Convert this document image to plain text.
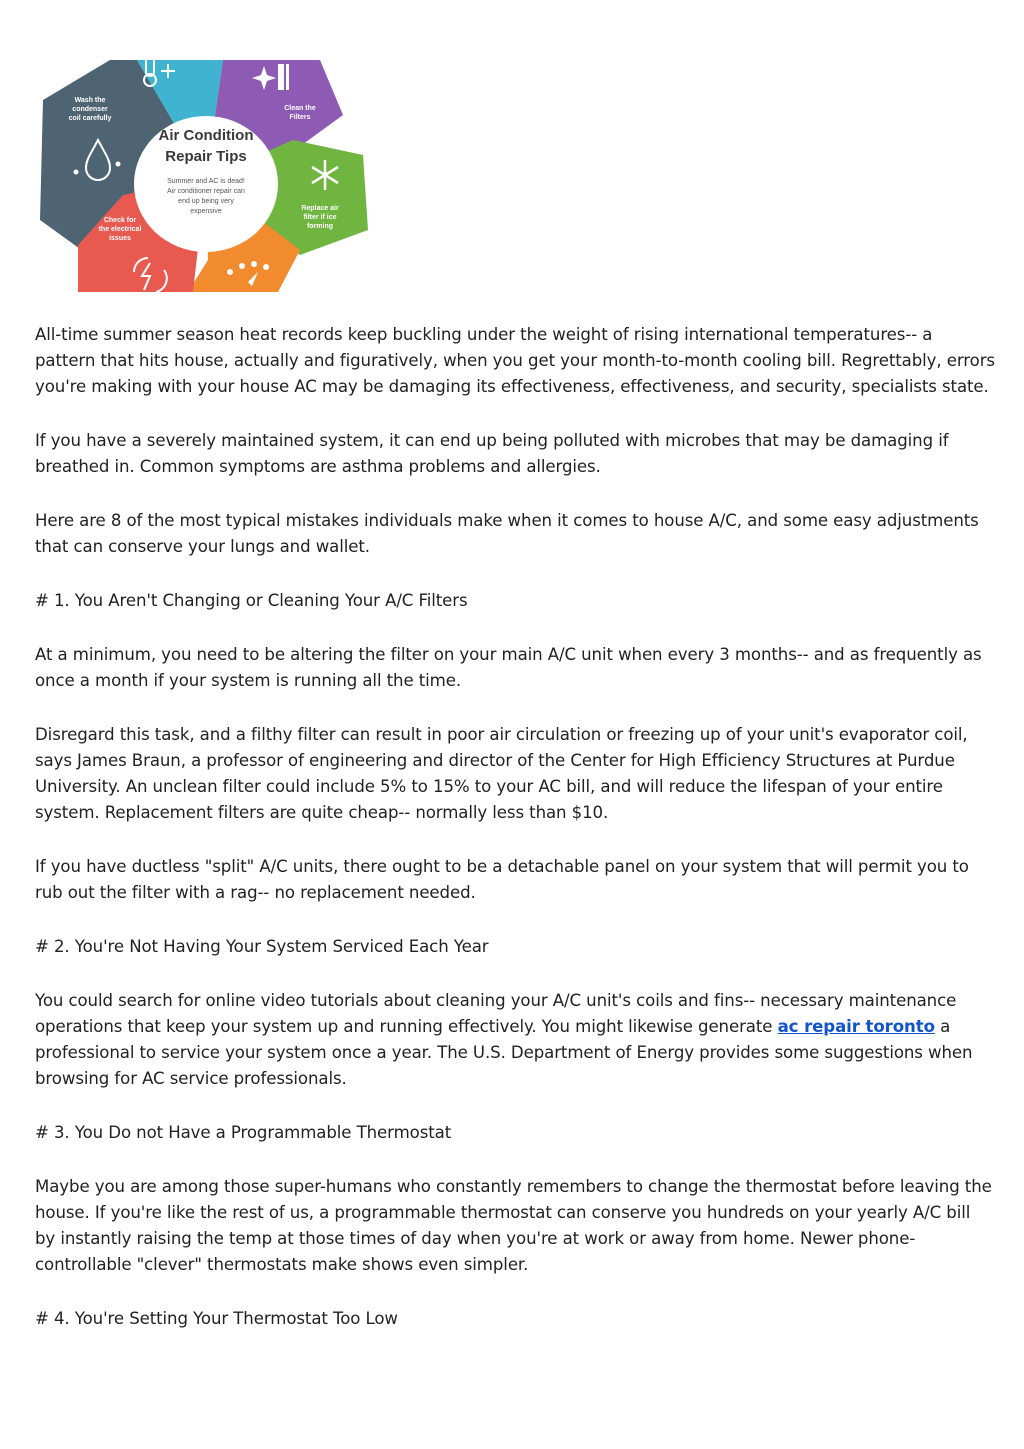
Air Condition
Repair Tips
Summer and AC is dead!
Air conditioner repair can
end up being very
expensive
Wash the
condenser
coil carefully
Clean the
Filters
Replace air
filter if ice
forming
Check for
the electrical
issues

All-time summer season heat records keep buckling under the weight of rising international temperatures-- a pattern that hits house, actually and figuratively, when you get your month-to-month cooling bill. Regrettably, errors you're making with your house AC may be damaging its effectiveness, effectiveness, and security, specialists state.

If you have a severely maintained system, it can end up being polluted with microbes that may be damaging if breathed in. Common symptoms are asthma problems and allergies.

Here are 8 of the most typical mistakes individuals make when it comes to house A/C, and some easy adjustments that can conserve your lungs and wallet.

# 1. You Aren't Changing or Cleaning Your A/C Filters

At a minimum, you need to be altering the filter on your main A/C unit when every 3 months-- and as frequently as once a month if your system is running all the time.

Disregard this task, and a filthy filter can result in poor air circulation or freezing up of your unit's evaporator coil, says James Braun, a professor of engineering and director of the Center for High Efficiency Structures at Purdue University. An unclean filter could include 5% to 15% to your AC bill, and will reduce the lifespan of your entire system. Replacement filters are quite cheap-- normally less than $10.

If you have ductless "split" A/C units, there ought to be a detachable panel on your system that will permit you to rub out the filter with a rag-- no replacement needed.

# 2. You're Not Having Your System Serviced Each Year

You could search for online video tutorials about cleaning your A/C unit's coils and fins-- necessary maintenance operations that keep your system up and running effectively. You might likewise generate ac repair toronto a professional to service your system once a year. The U.S. Department of Energy provides some suggestions when browsing for AC service professionals.

# 3. You Do not Have a Programmable Thermostat

Maybe you are among those super-humans who constantly remembers to change the thermostat before leaving the house. If you're like the rest of us, a programmable thermostat can conserve you hundreds on your yearly A/C bill by instantly raising the temp at those times of day when you're at work or away from home. Newer phone-controllable "clever" thermostats make shows even simpler.

# 4. You're Setting Your Thermostat Too Low
